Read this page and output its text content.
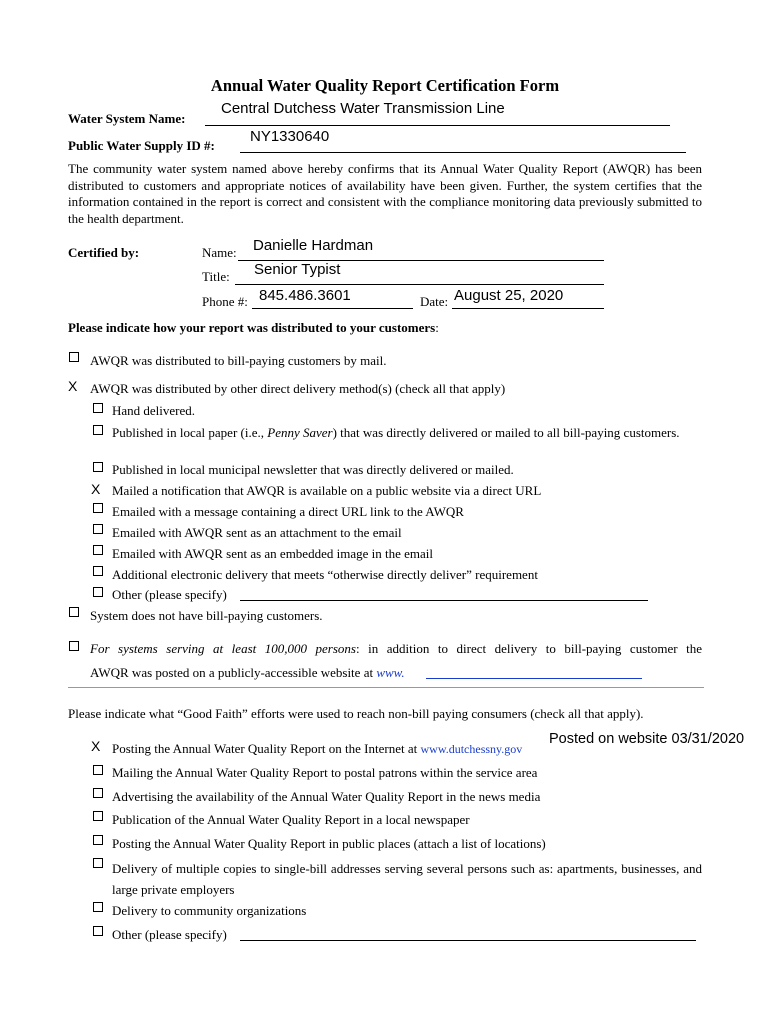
Annual Water Quality Report Certification Form
Water System Name:
Central Dutchess Water Transmission Line
Public Water Supply ID #:
NY1330640
The community water system named above hereby confirms that its Annual Water Quality Report (AWQR) has been distributed to customers and appropriate notices of availability have been given. Further, the system certifies that the information contained in the report is correct and consistent with the compliance monitoring data previously submitted to the health department.
Certified by:	Name: Danielle Hardman
Title: Senior Typist
Phone #: 845.486.3601	Date: August 25, 2020
Please indicate how your report was distributed to your customers:
AWQR was distributed to bill-paying customers by mail.
X AWQR was distributed by other direct delivery method(s) (check all that apply)
Hand delivered.
Published in local paper (i.e., Penny Saver) that was directly delivered or mailed to all bill-paying customers.
Published in local municipal newsletter that was directly delivered or mailed.
X Mailed a notification that AWQR is available on a public website via a direct URL
Emailed with a message containing a direct URL link to the AWQR
Emailed with AWQR sent as an attachment to the email
Emailed with AWQR sent as an embedded image in the email
Additional electronic delivery that meets “otherwise directly deliver” requirement
Other (please specify)
System does not have bill-paying customers.
For systems serving at least 100,000 persons: in addition to direct delivery to bill-paying customer the
AWQR was posted on a publicly-accessible website at www.
Please indicate what “Good Faith” efforts were used to reach non-bill paying consumers (check all that apply).
X Posting the Annual Water Quality Report on the Internet at www.dutchessny.gov
Posted on website 03/31/2020
Mailing the Annual Water Quality Report to postal patrons within the service area
Advertising the availability of the Annual Water Quality Report in the news media
Publication of the Annual Water Quality Report in a local newspaper
Posting the Annual Water Quality Report in public places (attach a list of locations)
Delivery of multiple copies to single-bill addresses serving several persons such as: apartments, businesses, and large private employers
Delivery to community organizations
Other (please specify)
